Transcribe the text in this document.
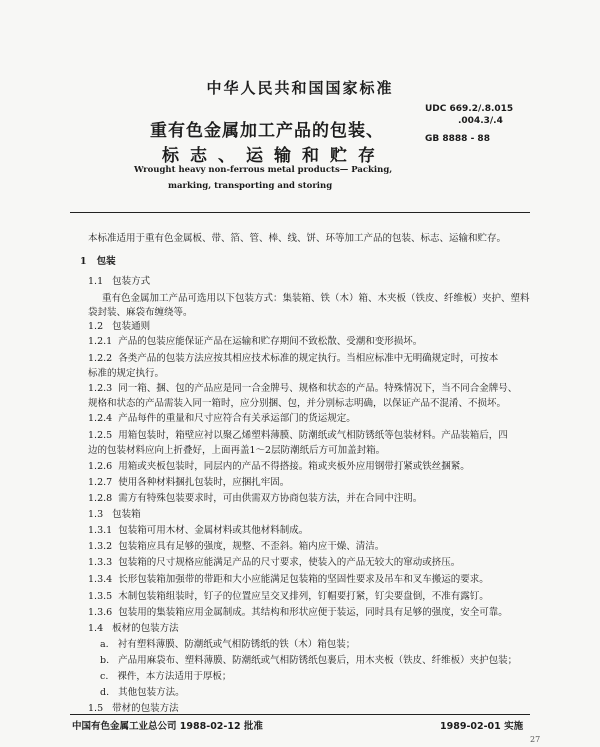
中华人民共和国国家标准
重有色金属加工产品的包装、
标志、运输和贮存
Wrought heavy non-ferrous metal products— Packing,
marking, transporting and storing
UDC 669.2/.8.015
.004.3/.4
GB 8888 - 88
本标准适用于重有色金属板、带、箔、管、棒、线、饼、环等加工产品的包装、标志、运输和贮存。
1 包装
1.1 包装方式
重有色金属加工产品可选用以下包装方式：集装箱、铁（木）箱、木夹板（铁皮、纤维板）夹护、塑料
袋封装、麻袋布缠绕等。
1.2 包装通则
1.2.1 产品的包装应能保证产品在运输和贮存期间不致松散、受潮和变形损坏。
1.2.2 各类产品的包装方法应按其相应技术标准的规定执行。当相应标准中无明确规定时，可按本
标准的规定执行。
1.2.3 同一箱、捆、包的产品应是同一合金牌号、规格和状态的产品。特殊情况下，当不同合金牌号、
规格和状态的产品需装入同一箱时，应分别捆、包，并分别标志明确，以保证产品不混淆、不损坏。
1.2.4 产品每件的重量和尺寸应符合有关承运部门的货运规定。
1.2.5 用箱包装时，箱壁应衬以聚乙烯塑料薄膜、防潮纸或气相防锈纸等包装材料。产品装箱后，四
边的包装材料应向上折叠好，上面再盖1～2层防潮纸后方可加盖封箱。
1.2.6 用箱或夹板包装时，同层内的产品不得搭接。箱或夹板外应用钢带打紧或铁丝捆紧。
1.2.7 使用各种材料捆扎包装时，应捆扎牢固。
1.2.8 需方有特殊包装要求时，可由供需双方协商包装方法，并在合同中注明。
1.3 包装箱
1.3.1 包装箱可用木材、金属材料或其他材料制成。
1.3.2 包装箱应具有足够的强度，规整、不歪斜。箱内应干燥、清洁。
1.3.3 包装箱的尺寸规格应能满足产品的尺寸要求，使装入的产品无较大的窜动或挤压。
1.3.4 长形包装箱加强带的带距和大小应能满足包装箱的坚固性要求及吊车和叉车搬运的要求。
1.3.5 木制包装箱组装时，钉子的位置应呈交叉排列，钉帽要打紧，钉尖要盘倒，不准有露钉。
1.3.6 包装用的集装箱应用金属制成。其结构和形状应便于装运，同时具有足够的强度，安全可靠。
1.4 板材的包装方法
a. 衬有塑料薄膜、防潮纸或气相防锈纸的铁（木）箱包装；
b. 产品用麻袋布、塑料薄膜、防潮纸或气相防锈纸包裹后，用木夹板（铁皮、纤维板）夹护包装；
c. 裸件，本方法适用于厚板；
d. 其他包装方法。
1.5 带材的包装方法
中国有色金属工业总公司 1988-02-12 批准	1989-02-01 实施
27
